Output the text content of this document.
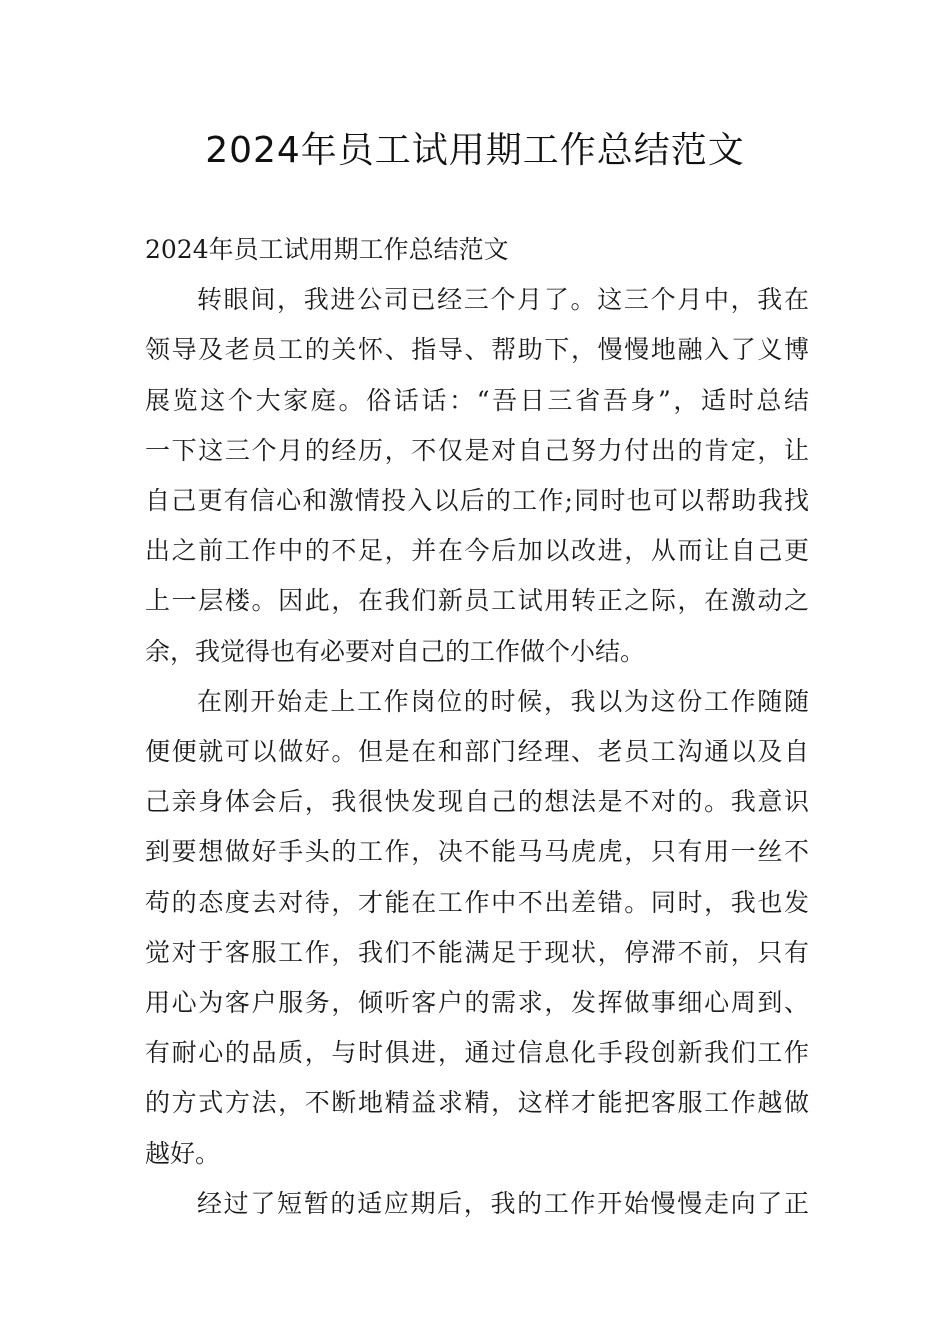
2024年员工试用期工作总结范文

2024年员工试用期工作总结范文

转眼间，我进公司已经三个月了。这三个月中，我在
领导及老员工的关怀、指导、帮助下，慢慢地融入了义博
展览这个大家庭。俗话话：“吾日三省吾身”，适时总结
一下这三个月的经历，不仅是对自己努力付出的肯定，让
自己更有信心和激情投入以后的工作;同时也可以帮助我找
出之前工作中的不足，并在今后加以改进，从而让自己更
上一层楼。因此，在我们新员工试用转正之际，在激动之
余，我觉得也有必要对自己的工作做个小结。

在刚开始走上工作岗位的时候，我以为这份工作随随
便便就可以做好。但是在和部门经理、老员工沟通以及自
己亲身体会后，我很快发现自己的想法是不对的。我意识
到要想做好手头的工作，决不能马马虎虎，只有用一丝不
苟的态度去对待，才能在工作中不出差错。同时，我也发
觉对于客服工作，我们不能满足于现状，停滞不前，只有
用心为客户服务，倾听客户的需求，发挥做事细心周到、
有耐心的品质，与时俱进，通过信息化手段创新我们工作
的方式方法，不断地精益求精，这样才能把客服工作越做
越好。

经过了短暂的适应期后，我的工作开始慢慢走向了正
